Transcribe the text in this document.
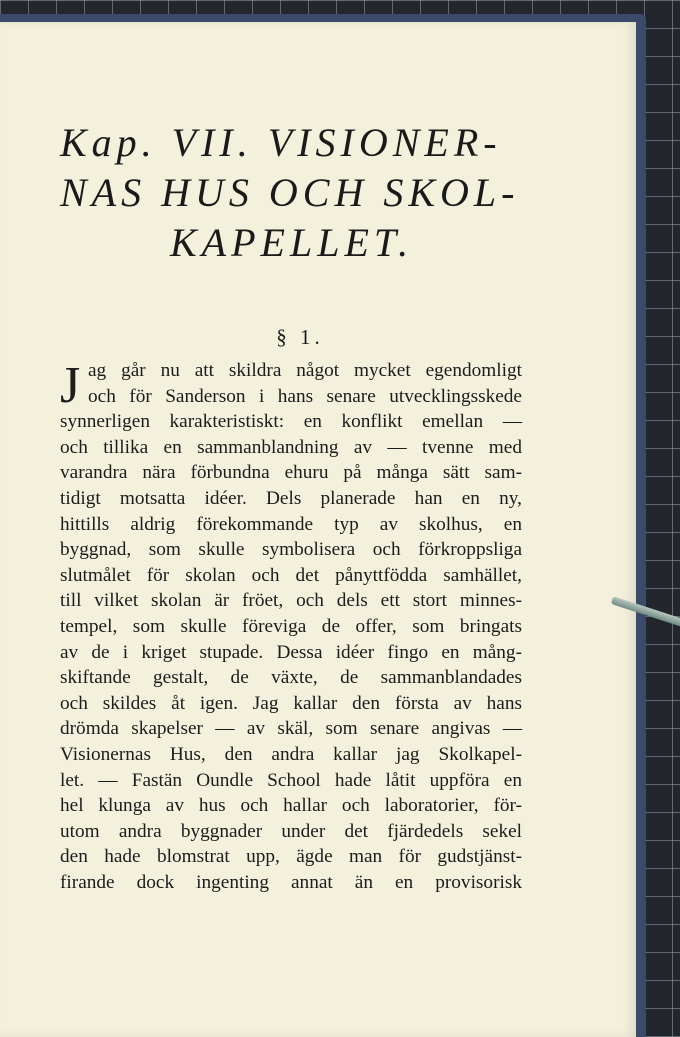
Kap. VII. VISIONER-
NAS HUS OCH SKOL-
KAPELLET.
§ 1.
J ag går nu att skildra något mycket egendomligt
och för Sanderson i hans senare utvecklingsskede
synnerligen karakteristiskt: en konflikt emellan —
och tillika en sammanblandning av — tvenne med
varandra nära förbundna ehuru på många sätt sam-
tidigt motsatta idéer. Dels planerade han en ny,
hittills aldrig förekommande typ av skolhus, en
byggnad, som skulle symbolisera och förkroppsliga
slutmålet för skolan och det pånyttfödda samhället,
till vilket skolan är fröet, och dels ett stort minnes-
tempel, som skulle föreviga de offer, som bringats
av de i kriget stupade. Dessa idéer fingo en mång-
skiftande gestalt, de växte, de sammanblandades
och skildes åt igen. Jag kallar den första av hans
drömda skapelser — av skäl, som senare angivas —
Visionernas Hus, den andra kallar jag Skolkapel-
let. — Fastän Oundle School hade låtit uppföra en
hel klunga av hus och hallar och laboratorier, för-
utom andra byggnader under det fjärdedels sekel
den hade blomstrat upp, ägde man för gudstjänst-
firande dock ingenting annat än en provisorisk
